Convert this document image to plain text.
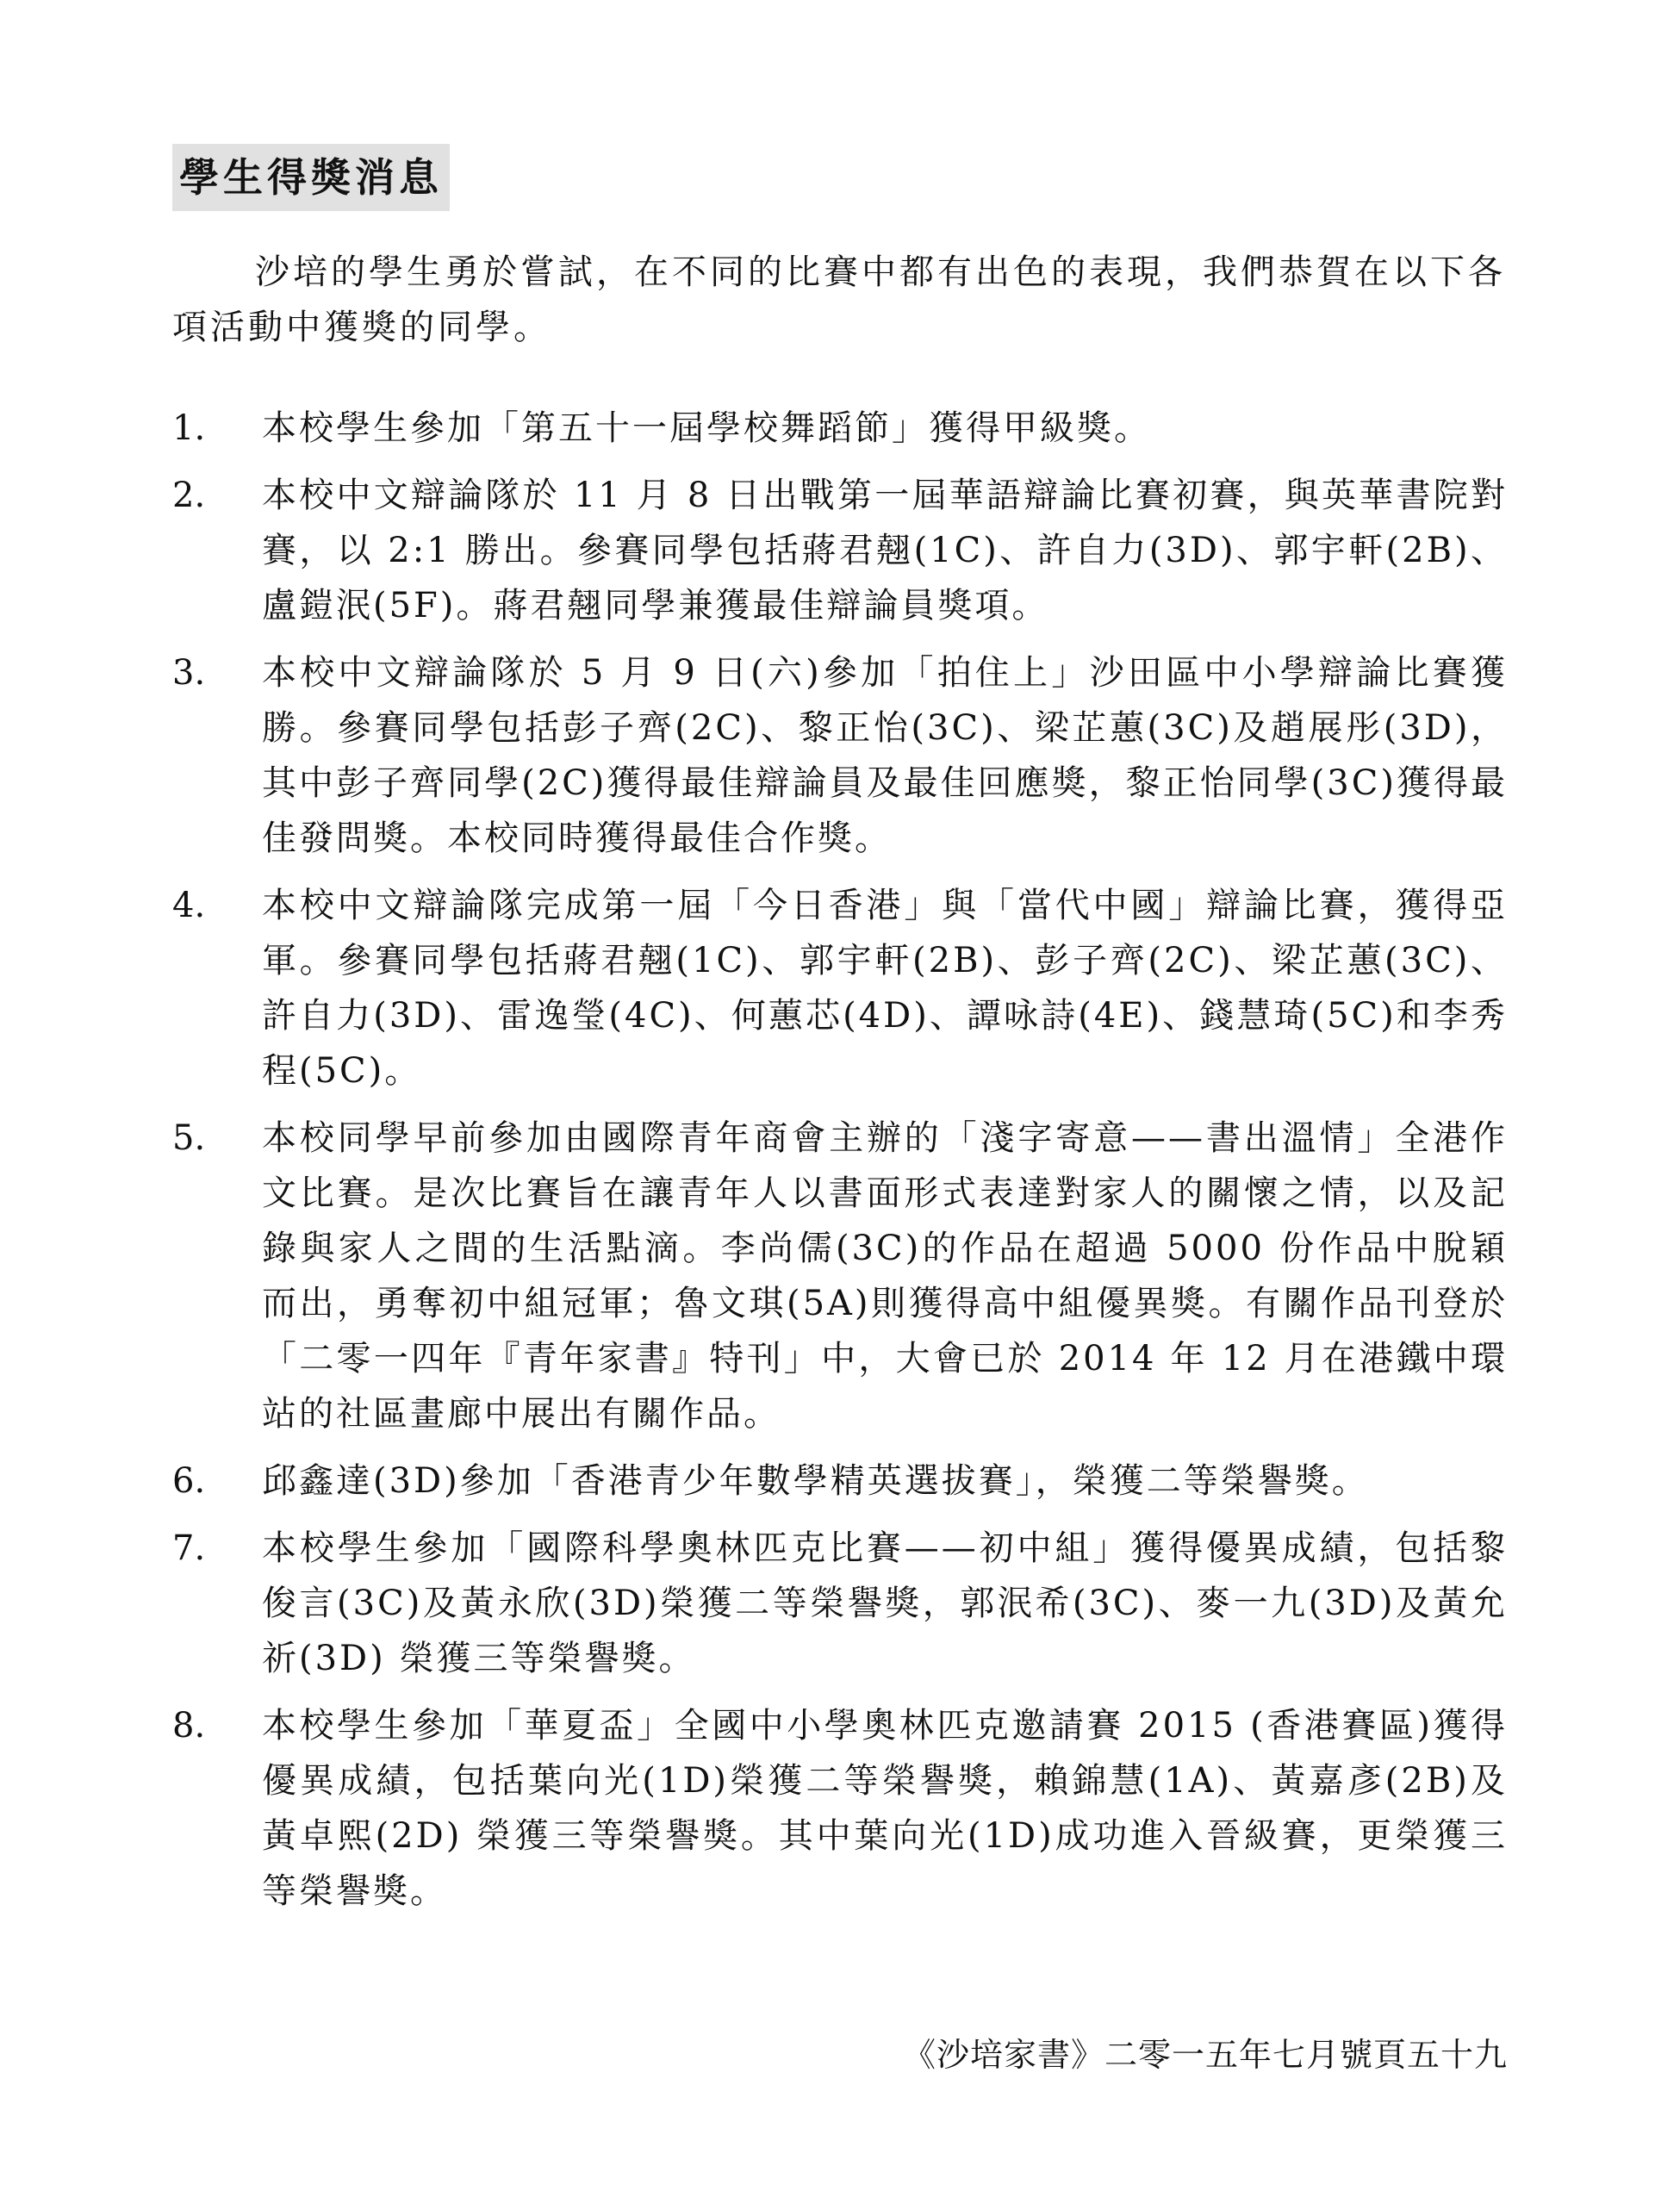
學生得獎消息
沙培的學生勇於嘗試，在不同的比賽中都有出色的表現，我們恭賀在以下各項活動中獲獎的同學。
1.	本校學生參加「第五十一屆學校舞蹈節」獲得甲級獎。
2.	本校中文辯論隊於 11 月 8 日出戰第一屆華語辯論比賽初賽，與英華書院對賽，以 2:1 勝出。參賽同學包括蔣君翹(1C)、許自力(3D)、郭宇軒(2B)、盧鎧泯(5F)。蔣君翹同學兼獲最佳辯論員獎項。
3.	本校中文辯論隊於 5 月 9 日(六)參加「拍住上」沙田區中小學辯論比賽獲勝。參賽同學包括彭子齊(2C)、黎正怡(3C)、梁芷蕙(3C)及趙展彤(3D)，其中彭子齊同學(2C)獲得最佳辯論員及最佳回應獎，黎正怡同學(3C)獲得最佳發問獎。本校同時獲得最佳合作獎。
4.	本校中文辯論隊完成第一屆「今日香港」與「當代中國」辯論比賽，獲得亞軍。參賽同學包括蔣君翹(1C)、郭宇軒(2B)、彭子齊(2C)、梁芷蕙(3C)、許自力(3D)、雷逸瑩(4C)、何蕙芯(4D)、譚咏詩(4E)、錢慧琦(5C)和李秀程(5C)。
5.	本校同學早前參加由國際青年商會主辦的「淺字寄意——書出溫情」全港作文比賽。是次比賽旨在讓青年人以書面形式表達對家人的關懷之情，以及記錄與家人之間的生活點滴。李尚儒(3C)的作品在超過 5000 份作品中脫穎而出，勇奪初中組冠軍；魯文琪(5A)則獲得高中組優異獎。有關作品刊登於「二零一四年『青年家書』特刊」中，大會已於 2014 年 12 月在港鐵中環站的社區畫廊中展出有關作品。
6.	邱鑫達(3D)參加「香港青少年數學精英選拔賽」，榮獲二等榮譽獎。
7.	本校學生參加「國際科學奧林匹克比賽——初中組」獲得優異成績，包括黎俊言(3C)及黃永欣(3D)榮獲二等榮譽獎，郭泯希(3C)、麥一九(3D)及黃允祈(3D) 榮獲三等榮譽獎。
8.	本校學生參加「華夏盃」全國中小學奧林匹克邀請賽 2015 (香港賽區)獲得優異成績，包括葉向光(1D)榮獲二等榮譽獎，賴錦慧(1A)、黃嘉彥(2B)及黃卓熙(2D) 榮獲三等榮譽獎。其中葉向光(1D)成功進入晉級賽，更榮獲三等榮譽獎。
《沙培家書》二零一五年七月號頁五十九
